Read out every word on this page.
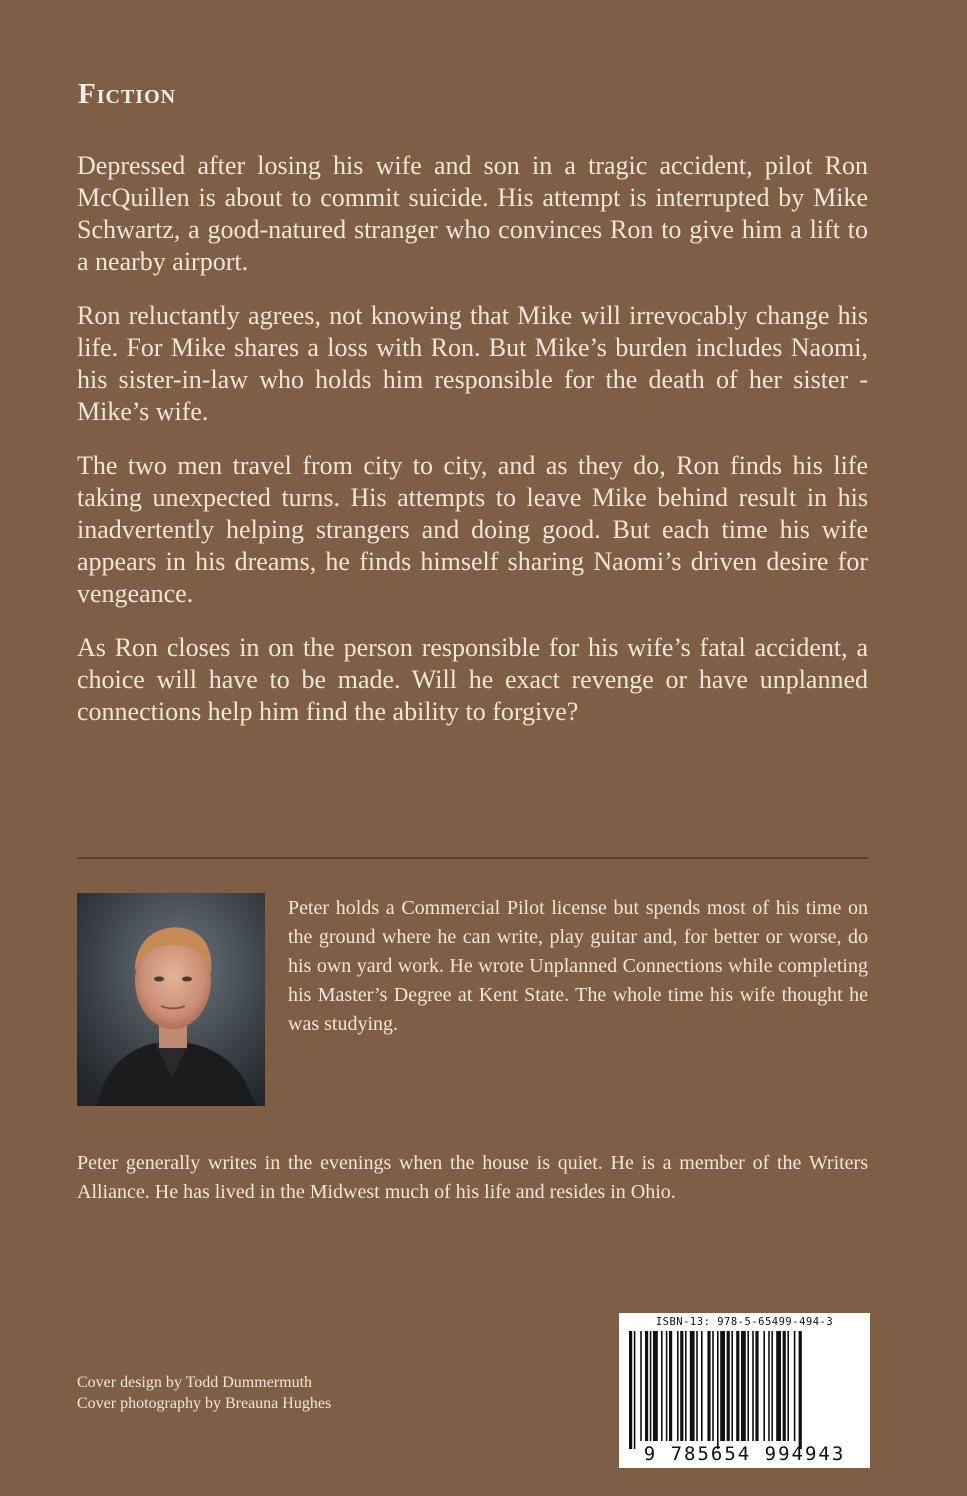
Fiction

Depressed after losing his wife and son in a tragic accident, pilot Ron McQuillen is about to commit suicide. His attempt is interrupted by Mike Schwartz, a good-natured stranger who convinces Ron to give him a lift to a nearby airport.

Ron reluctantly agrees, not knowing that Mike will irrevocably change his life. For Mike shares a loss with Ron. But Mike’s burden includes Naomi, his sister-in-law who holds him responsible for the death of her sister - Mike’s wife.

The two men travel from city to city, and as they do, Ron finds his life taking unexpected turns. His attempts to leave Mike behind result in his inadvertently helping strangers and doing good. But each time his wife appears in his dreams, he finds himself sharing Naomi’s driven desire for vengeance.

As Ron closes in on the person responsible for his wife’s fatal accident, a choice will have to be made. Will he exact revenge or have unplanned connections help him find the ability to forgive?

Peter holds a Commercial Pilot license but spends most of his time on the ground where he can write, play guitar and, for better or worse, do his own yard work. He wrote Unplanned Connections while completing his Master’s Degree at Kent State. The whole time his wife thought he was studying.

Peter generally writes in the evenings when the house is quiet. He is a member of the Writers Alliance. He has lived in the Midwest much of his life and resides in Ohio.

Cover design by Todd Dummermuth
Cover photography by Breauna Hughes
ISBN-13: 978-5-65499-494-3
9 785654 994943
